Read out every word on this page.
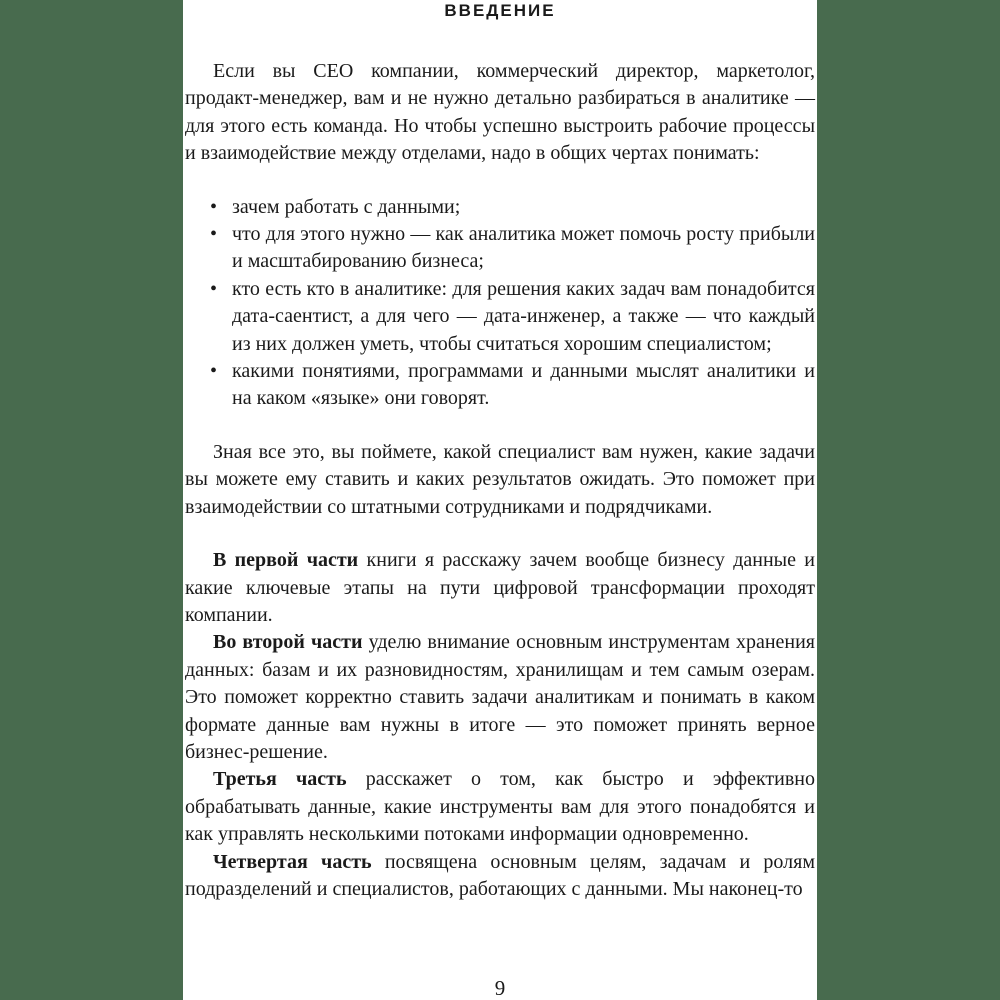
ВВЕДЕНИЕ

Если вы CEO компании, коммерческий директор, маркетолог, продакт-менеджер, вам и не нужно детально разбираться в аналитике — для этого есть команда. Но чтобы успешно выстроить рабочие процессы и взаимодействие между отделами, надо в общих чертах понимать:

• зачем работать с данными;
• что для этого нужно — как аналитика может помочь росту прибыли и масштабированию бизнеса;
• кто есть кто в аналитике: для решения каких задач вам понадобится дата-саентист, а для чего — дата-инженер, а также — что каждый из них должен уметь, чтобы считаться хорошим специалистом;
• какими понятиями, программами и данными мыслят аналитики и на каком «языке» они говорят.

Зная все это, вы поймете, какой специалист вам нужен, какие задачи вы можете ему ставить и каких результатов ожидать. Это поможет при взаимодействии со штатными сотрудниками и подрядчиками.

В первой части книги я расскажу зачем вообще бизнесу данные и какие ключевые этапы на пути цифровой трансформации проходят компании.

Во второй части уделю внимание основным инструментам хранения данных: базам и их разновидностям, хранилищам и тем самым озерам. Это поможет корректно ставить задачи аналитикам и понимать в каком формате данные вам нужны в итоге — это поможет принять верное бизнес-решение.

Третья часть расскажет о том, как быстро и эффективно обрабатывать данные, какие инструменты вам для этого понадобятся и как управлять несколькими потоками информации одновременно.

Четвертая часть посвящена основным целям, задачам и ролям подразделений и специалистов, работающих с данными. Мы наконец-то

9
